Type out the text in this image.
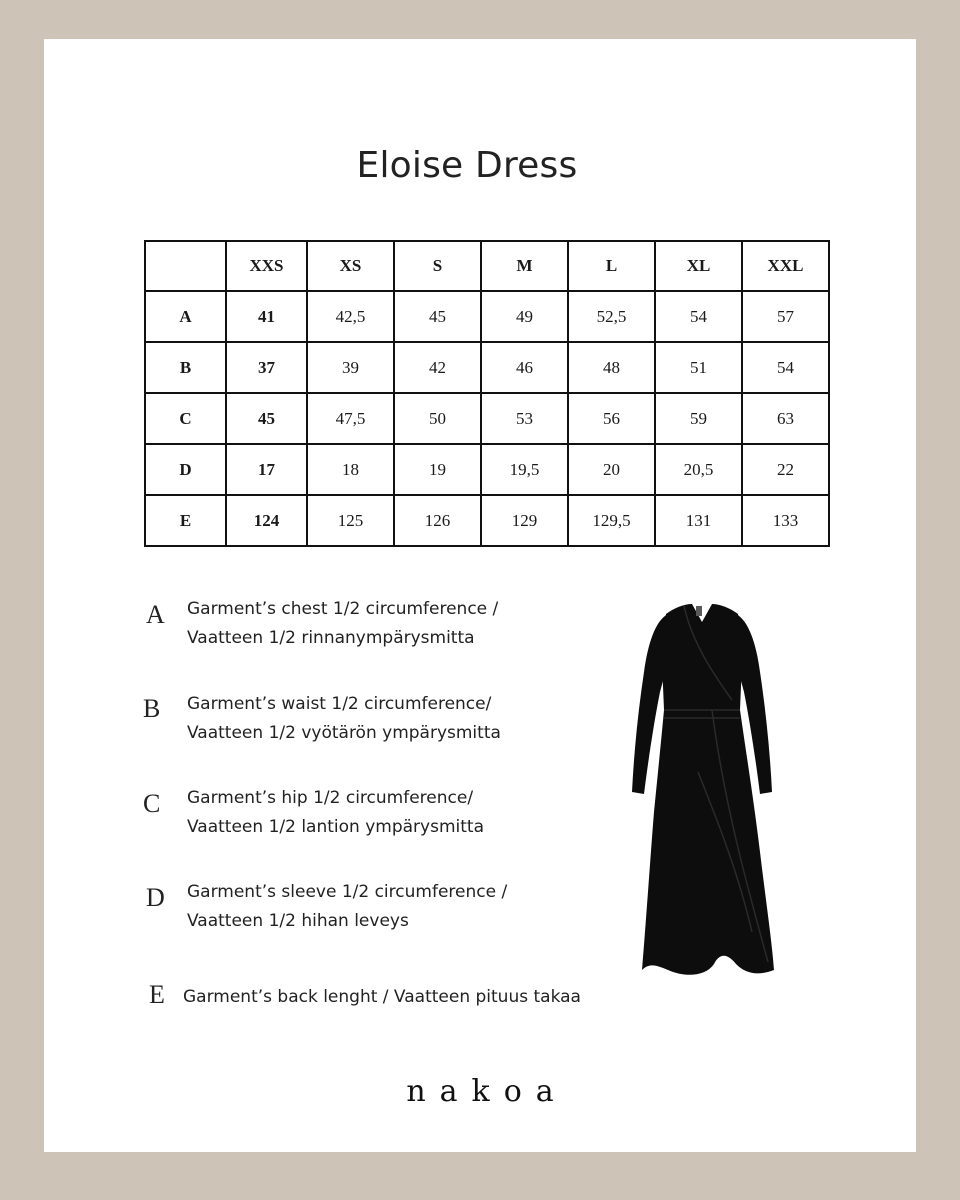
Eloise Dress
	XXS	XS	S	M	L	XL	XXL
A	41	42,5	45	49	52,5	54	57
B	37	39	42	46	48	51	54
C	45	47,5	50	53	56	59	63
D	17	18	19	19,5	20	20,5	22
E	124	125	126	129	129,5	131	133
A Garment’s chest 1/2 circumference /
Vaatteen 1/2 rinnanympärysmitta
B Garment’s waist 1/2 circumference/
Vaatteen 1/2 vyötärön ympärysmitta
C Garment’s hip 1/2 circumference/
Vaatteen 1/2 lantion ympärysmitta
D Garment’s sleeve 1/2 circumference /
Vaatteen 1/2 hihan leveys
E Garment’s back lenght / Vaatteen pituus takaa
nakoa
